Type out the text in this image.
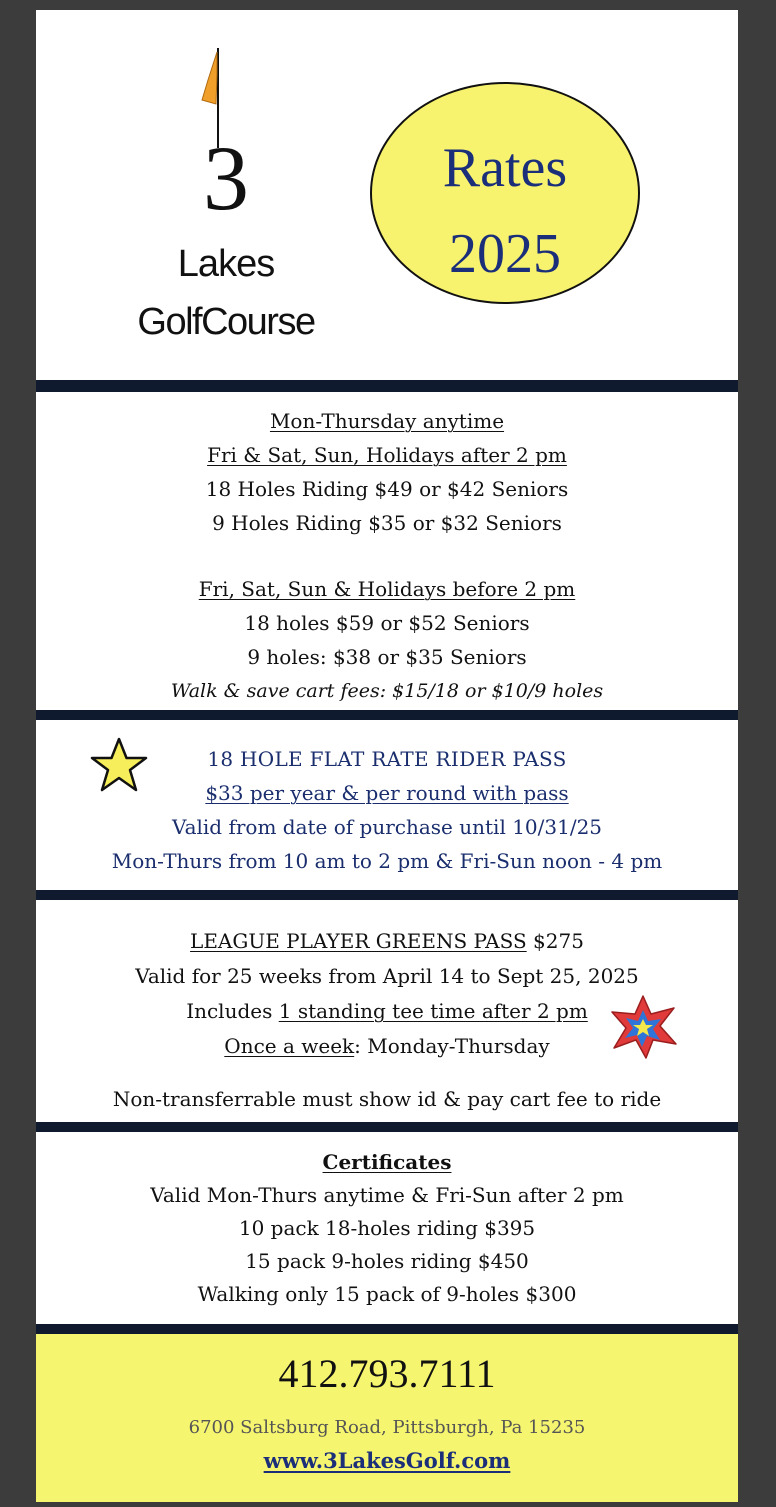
3
Lakes
GolfCourse
Rates
2025
Mon-Thursday anytime
Fri & Sat, Sun, Holidays after 2 pm
18 Holes Riding $49 or $42 Seniors
9 Holes Riding $35 or $32 Seniors
Fri, Sat, Sun & Holidays before 2 pm
18 holes $59 or $52 Seniors
9 holes: $38 or $35 Seniors
Walk & save cart fees: $15/18 or $10/9 holes
18 HOLE FLAT RATE RIDER PASS
$33 per year & per round with pass
Valid from date of purchase until 10/31/25
Mon-Thurs from 10 am to 2 pm & Fri-Sun noon - 4 pm
LEAGUE PLAYER GREENS PASS $275
Valid for 25 weeks from April 14 to Sept 25, 2025
Includes 1 standing tee time after 2 pm
Once a week: Monday-Thursday
Non-transferrable must show id & pay cart fee to ride
Certificates
Valid Mon-Thurs anytime & Fri-Sun after 2 pm
10 pack 18-holes riding $395
15 pack 9-holes riding $450
Walking only 15 pack of 9-holes $300
412.793.7111
6700 Saltsburg Road, Pittsburgh, Pa 15235
www.3LakesGolf.com
